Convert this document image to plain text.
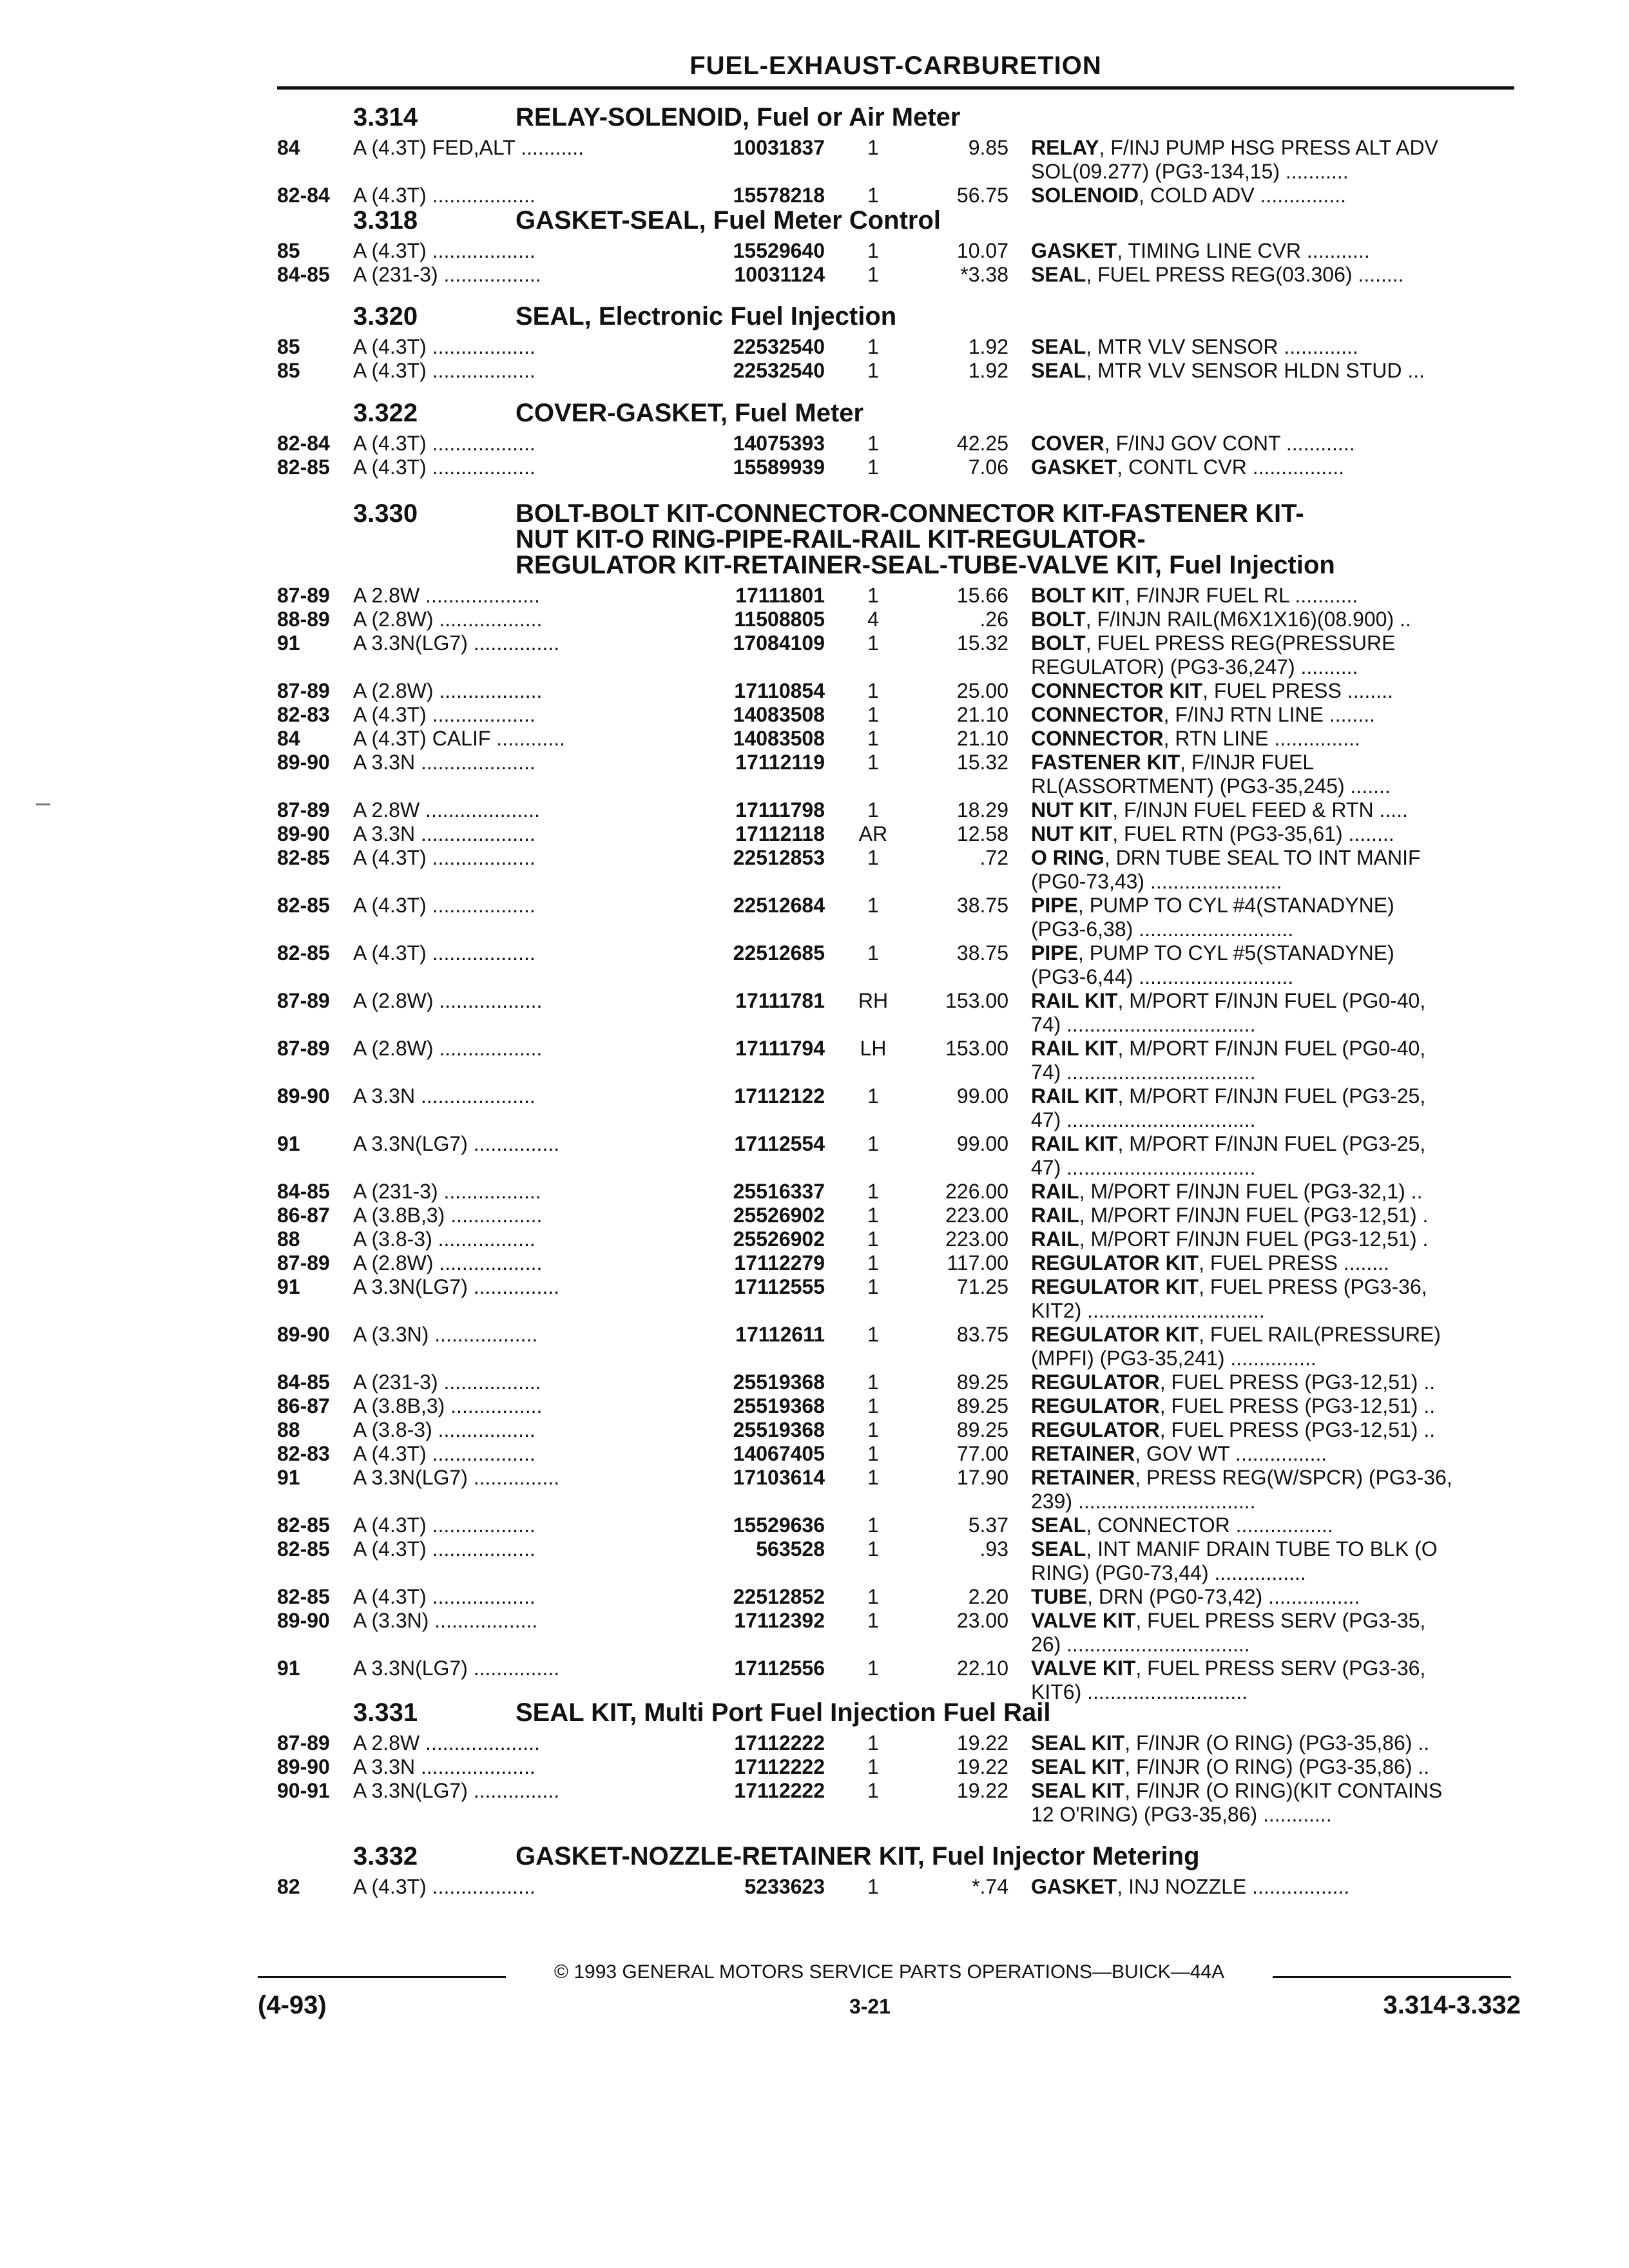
FUEL-EXHAUST-CARBURETION
3.314	RELAY-SOLENOID, Fuel or Air Meter
84	A (4.3T) FED,ALT ...........	10031837	1	9.85 RELAY, F/INJ PUMP HSG PRESS ALT ADV
SOL(09.277) (PG3-134,15) ...........
82-84	A (4.3T) ..................	15578218	1	56.75 SOLENOID, COLD ADV ...............
3.318	GASKET-SEAL, Fuel Meter Control
85	A (4.3T) ..................	15529640	1	10.07 GASKET, TIMING LINE CVR ...........
84-85	A (231-3) .................	10031124	1	*3.38 SEAL, FUEL PRESS REG(03.306) ........
3.320	SEAL, Electronic Fuel Injection
85	A (4.3T) ..................	22532540	1	1.92 SEAL, MTR VLV SENSOR .............
85	A (4.3T) ..................	22532540	1	1.92 SEAL, MTR VLV SENSOR HLDN STUD ...
3.322	COVER-GASKET, Fuel Meter
82-84	A (4.3T) ..................	14075393	1	42.25 COVER, F/INJ GOV CONT ............
82-85	A (4.3T) ..................	15589939	1	7.06 GASKET, CONTL CVR ................
3.330	BOLT-BOLT KIT-CONNECTOR-CONNECTOR KIT-FASTENER KIT-
NUT KIT-O RING-PIPE-RAIL-RAIL KIT-REGULATOR-
REGULATOR KIT-RETAINER-SEAL-TUBE-VALVE KIT, Fuel Injection
87-89	A 2.8W ....................	17111801	1	15.66 BOLT KIT, F/INJR FUEL RL ...........
88-89	A (2.8W) ..................	11508805	4	.26 BOLT, F/INJN RAIL(M6X1X16)(08.900) ..
91	A 3.3N(LG7) ...............	17084109	1	15.32 BOLT, FUEL PRESS REG(PRESSURE
REGULATOR) (PG3-36,247) ..........
87-89	A (2.8W) ..................	17110854	1	25.00 CONNECTOR KIT, FUEL PRESS ........
82-83	A (4.3T) ..................	14083508	1	21.10 CONNECTOR, F/INJ RTN LINE ........
84	A (4.3T) CALIF ............	14083508	1	21.10 CONNECTOR, RTN LINE ...............
89-90	A 3.3N ....................	17112119	1	15.32 FASTENER KIT, F/INJR FUEL
RL(ASSORTMENT) (PG3-35,245) .......
87-89	A 2.8W ....................	17111798	1	18.29 NUT KIT, F/INJN FUEL FEED & RTN .....
89-90	A 3.3N ....................	17112118	AR	12.58 NUT KIT, FUEL RTN (PG3-35,61) ........
82-85	A (4.3T) ..................	22512853	1	.72 O RING, DRN TUBE SEAL TO INT MANIF
(PG0-73,43) .......................
82-85	A (4.3T) ..................	22512684	1	38.75 PIPE, PUMP TO CYL #4(STANADYNE)
(PG3-6,38) ...........................
82-85	A (4.3T) ..................	22512685	1	38.75 PIPE, PUMP TO CYL #5(STANADYNE)
(PG3-6,44) ...........................
87-89	A (2.8W) ..................	17111781	RH	153.00 RAIL KIT, M/PORT F/INJN FUEL (PG0-40,
74) .................................
87-89	A (2.8W) ..................	17111794	LH	153.00 RAIL KIT, M/PORT F/INJN FUEL (PG0-40,
74) .................................
89-90	A 3.3N ....................	17112122	1	99.00 RAIL KIT, M/PORT F/INJN FUEL (PG3-25,
47) .................................
91	A 3.3N(LG7) ...............	17112554	1	99.00 RAIL KIT, M/PORT F/INJN FUEL (PG3-25,
47) .................................
84-85	A (231-3) .................	25516337	1	226.00 RAIL, M/PORT F/INJN FUEL (PG3-32,1) ..
86-87	A (3.8B,3) ................	25526902	1	223.00 RAIL, M/PORT F/INJN FUEL (PG3-12,51) .
88	A (3.8-3) .................	25526902	1	223.00 RAIL, M/PORT F/INJN FUEL (PG3-12,51) .
87-89	A (2.8W) ..................	17112279	1	117.00 REGULATOR KIT, FUEL PRESS ........
91	A 3.3N(LG7) ...............	17112555	1	71.25 REGULATOR KIT, FUEL PRESS (PG3-36,
KIT2) ...............................
89-90	A (3.3N) ..................	17112611	1	83.75 REGULATOR KIT, FUEL RAIL(PRESSURE)
(MPFI) (PG3-35,241) ...............
84-85	A (231-3) .................	25519368	1	89.25 REGULATOR, FUEL PRESS (PG3-12,51) ..
86-87	A (3.8B,3) ................	25519368	1	89.25 REGULATOR, FUEL PRESS (PG3-12,51) ..
88	A (3.8-3) .................	25519368	1	89.25 REGULATOR, FUEL PRESS (PG3-12,51) ..
82-83	A (4.3T) ..................	14067405	1	77.00 RETAINER, GOV WT ................
91	A 3.3N(LG7) ...............	17103614	1	17.90 RETAINER, PRESS REG(W/SPCR) (PG3-36,
239) ...............................
82-85	A (4.3T) ..................	15529636	1	5.37 SEAL, CONNECTOR .................
82-85	A (4.3T) ..................	563528	1	.93 SEAL, INT MANIF DRAIN TUBE TO BLK (O
RING) (PG0-73,44) ................
82-85	A (4.3T) ..................	22512852	1	2.20 TUBE, DRN (PG0-73,42) ................
89-90	A (3.3N) ..................	17112392	1	23.00 VALVE KIT, FUEL PRESS SERV (PG3-35,
26) ................................
91	A 3.3N(LG7) ...............	17112556	1	22.10 VALVE KIT, FUEL PRESS SERV (PG3-36,
KIT6) ............................
3.331	SEAL KIT, Multi Port Fuel Injection Fuel Rail
87-89	A 2.8W ....................	17112222	1	19.22 SEAL KIT, F/INJR (O RING) (PG3-35,86) ..
89-90	A 3.3N ....................	17112222	1	19.22 SEAL KIT, F/INJR (O RING) (PG3-35,86) ..
90-91	A 3.3N(LG7) ...............	17112222	1	19.22 SEAL KIT, F/INJR (O RING)(KIT CONTAINS
12 O'RING) (PG3-35,86) ............
3.332	GASKET-NOZZLE-RETAINER KIT, Fuel Injector Metering
82	A (4.3T) ..................	5233623	1	*.74 GASKET, INJ NOZZLE .................
© 1993 GENERAL MOTORS SERVICE PARTS OPERATIONS—BUICK—44A
(4-93)	3-21	3.314-3.332
